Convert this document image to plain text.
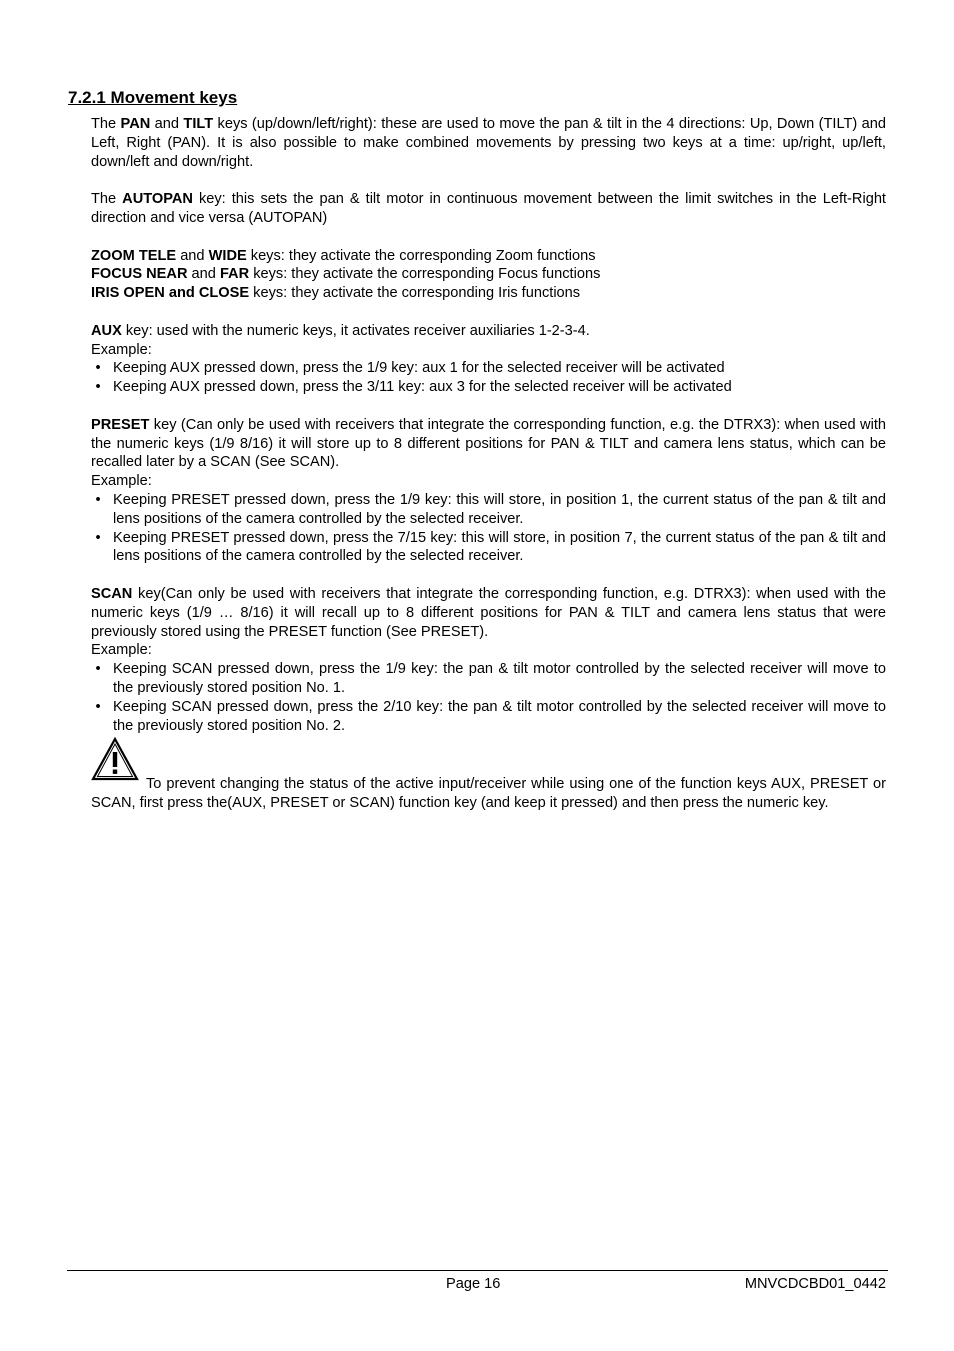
7.2.1 Movement keys

The PAN and TILT keys (up/down/left/right): these are used to move the pan & tilt in the 4 directions: Up, Down (TILT) and Left, Right (PAN). It is also possible to make combined movements by pressing two keys at a time: up/right, up/left, down/left and down/right.

The AUTOPAN key: this sets the pan & tilt motor in continuous movement between the limit switches in the Left-Right direction and vice versa (AUTOPAN)

ZOOM TELE and WIDE keys: they activate the corresponding Zoom functions

FOCUS NEAR and FAR keys: they activate the corresponding Focus functions

IRIS OPEN and CLOSE keys: they activate the corresponding Iris functions

AUX key: used with the numeric keys, it activates receiver auxiliaries 1-2-3-4.

Example:

• Keeping AUX pressed down, press the 1/9 key: aux 1 for the selected receiver will be activated
• Keeping AUX pressed down, press the 3/11 key: aux 3 for the selected receiver will be activated

PRESET key (Can only be used with receivers that integrate the corresponding function, e.g. the DTRX3): when used with the numeric keys (1/9 8/16) it will store up to 8 different positions for PAN & TILT and camera lens status, which can be recalled later by a SCAN (See SCAN).

Example:

• Keeping PRESET pressed down, press the 1/9 key: this will store, in position 1, the current status of the pan & tilt and lens positions of the camera controlled by the selected receiver.
• Keeping PRESET pressed down, press the 7/15 key: this will store, in position 7, the current status of the pan & tilt and lens positions of the camera controlled by the selected receiver.

SCAN key(Can only be used with receivers that integrate the corresponding function, e.g. DTRX3): when used with the numeric keys (1/9 … 8/16) it will recall up to 8 different positions for PAN & TILT and camera lens status that were previously stored using the PRESET function (See PRESET).

Example:

• Keeping SCAN pressed down, press the 1/9 key: the pan & tilt motor controlled by the selected receiver will move to the previously stored position No. 1.
• Keeping SCAN pressed down, press the 2/10 key: the pan & tilt motor controlled by the selected receiver will move to the previously stored position No. 2.

To prevent changing the status of the active input/receiver while using one of the function keys AUX, PRESET or SCAN, first press the(AUX, PRESET or SCAN) function key (and keep it pressed) and then press the numeric key.

Page 16	MNVCDCBD01_0442
